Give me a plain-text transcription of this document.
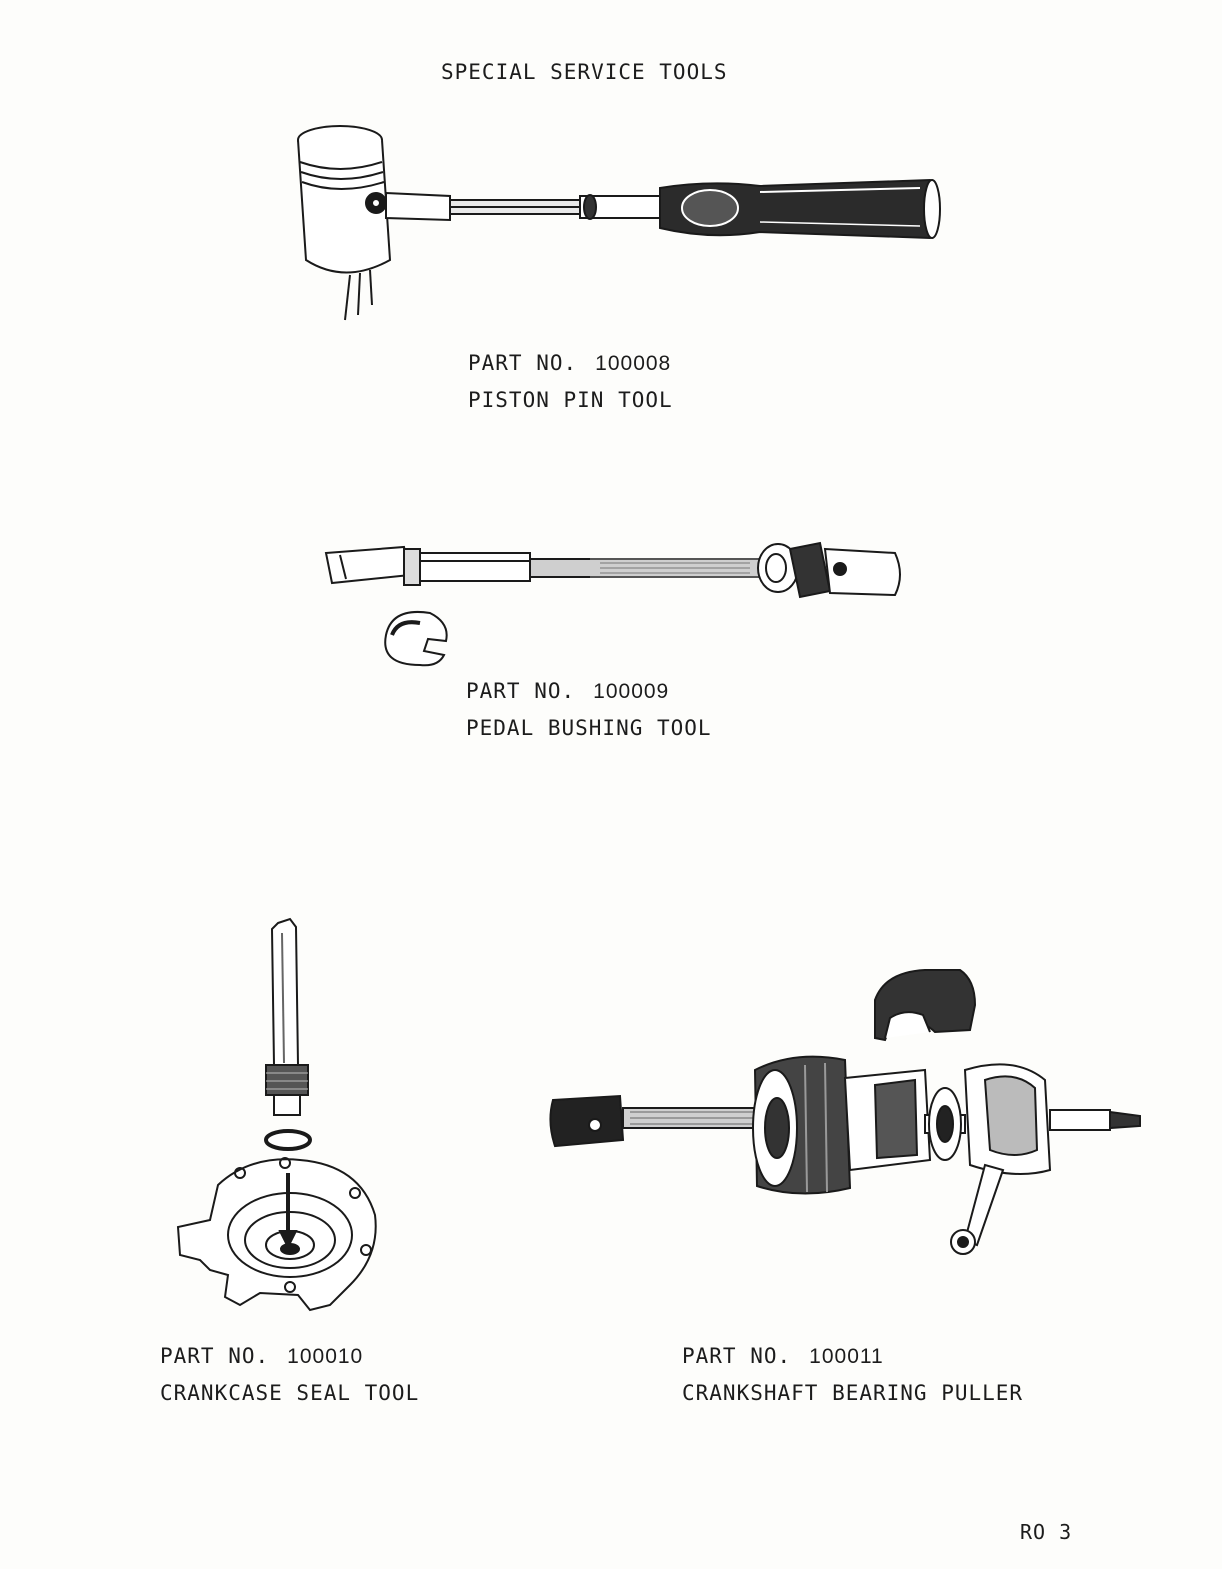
SPECIAL SERVICE TOOLS
PART NO. 100008
PISTON PIN TOOL
PART NO. 100009
PEDAL BUSHING TOOL
PART NO. 100010
CRANKCASE SEAL TOOL
PART NO. 100011
CRANKSHAFT BEARING PULLER
RO 3
